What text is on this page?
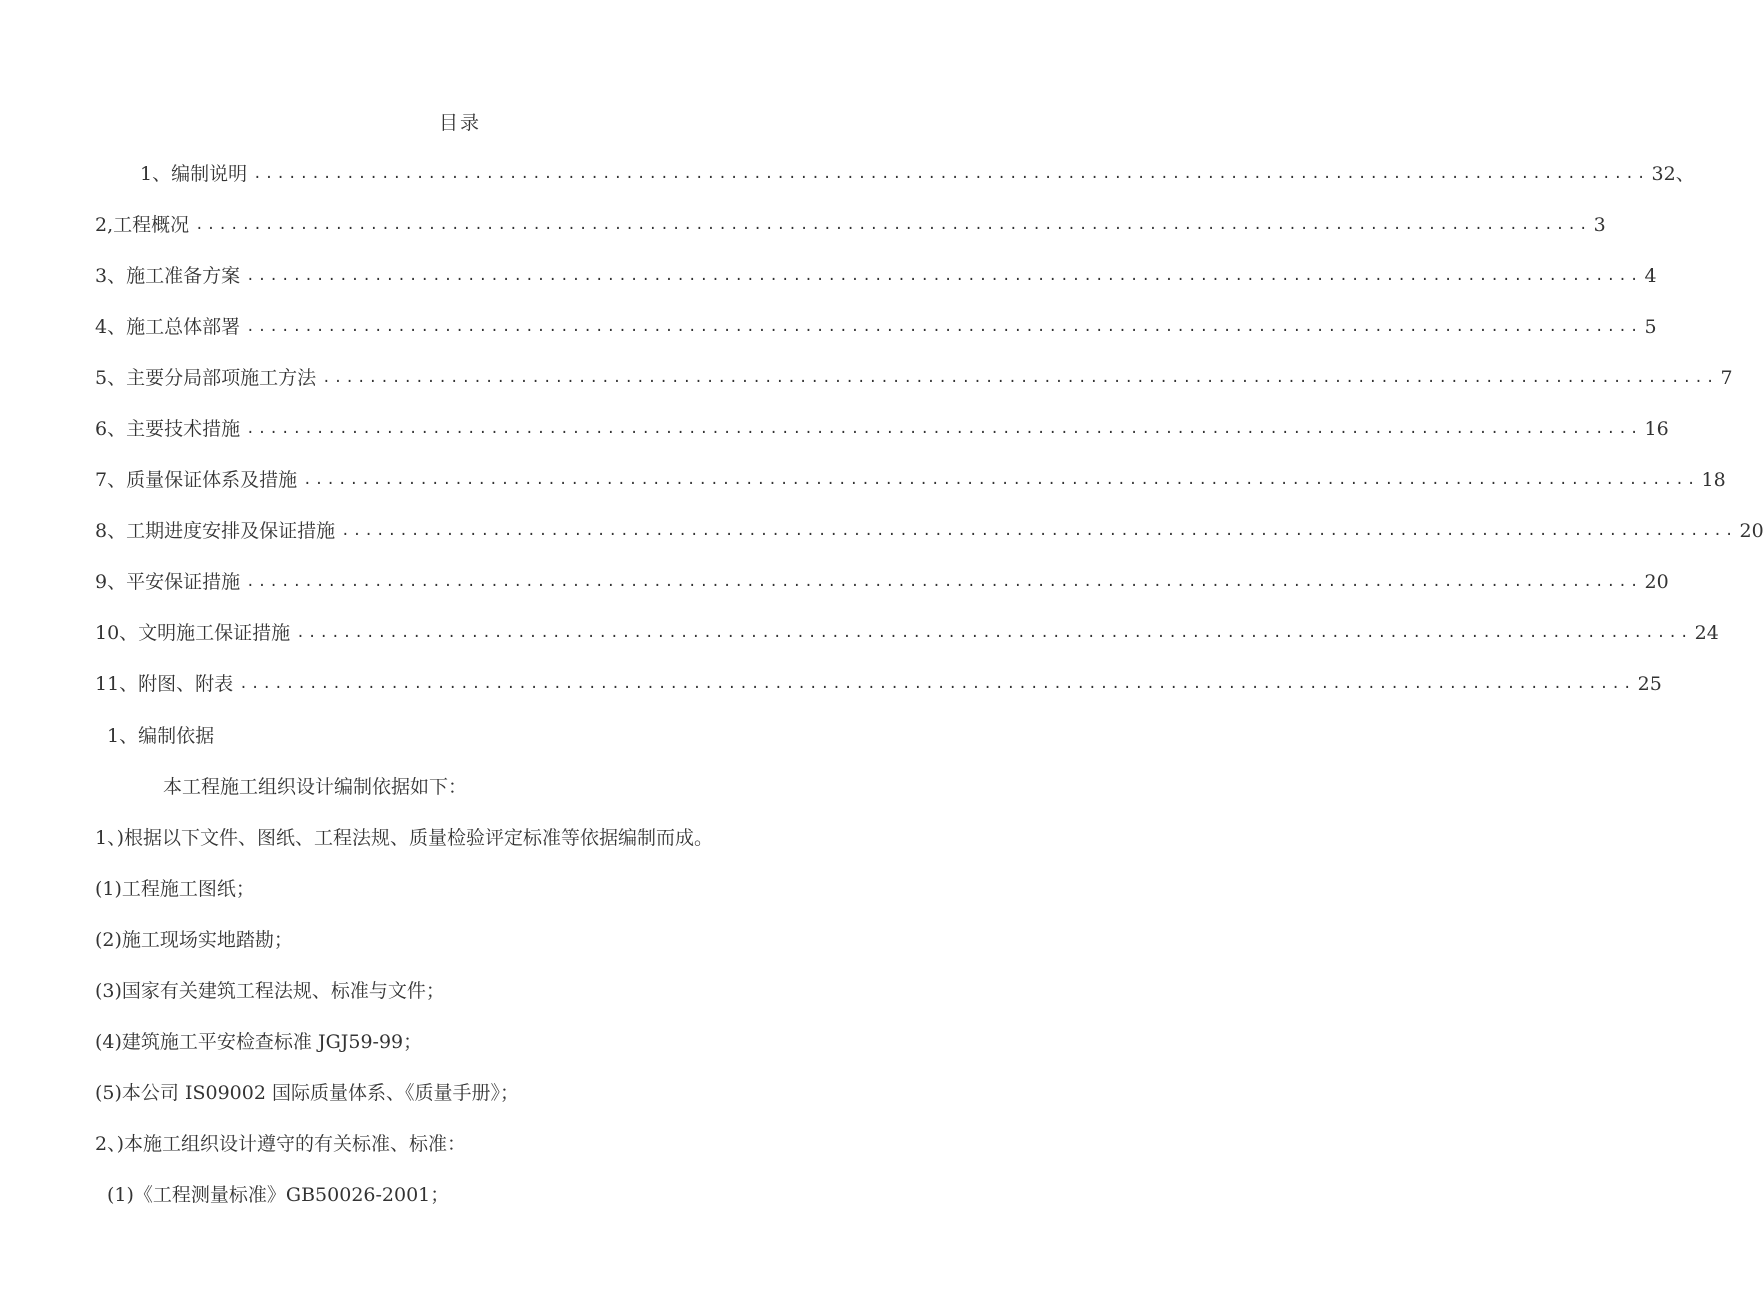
目录
1、编制说明 ........................................................................................................................ 32、
2,工程概况 ........................................................................................................................ 3
3、施工准备方案 ........................................................................................................................ 4
4、施工总体部署 ........................................................................................................................ 5
5、主要分局部项施工方法 ........................................................................................................................ 7
6、主要技术措施 ........................................................................................................................ 16
7、质量保证体系及措施 ........................................................................................................................ 18
8、工期进度安排及保证措施 ........................................................................................................................ 20
9、平安保证措施 ........................................................................................................................ 20
10、文明施工保证措施 ........................................................................................................................ 24
11、附图、附表 ........................................................................................................................ 25
1、编制依据
本工程施工组织设计编制依据如下：
1、)根据以下文件、图纸、工程法规、质量检验评定标准等依据编制而成。
(1)工程施工图纸；
(2)施工现场实地踏勘；
(3)国家有关建筑工程法规、标准与文件；
(4)建筑施工平安检查标准 JGJ59-99；
(5)本公司 IS09002 国际质量体系、《质量手册》；
2、)本施工组织设计遵守的有关标准、标准：
(1)《工程测量标准》GB50026-2001；
